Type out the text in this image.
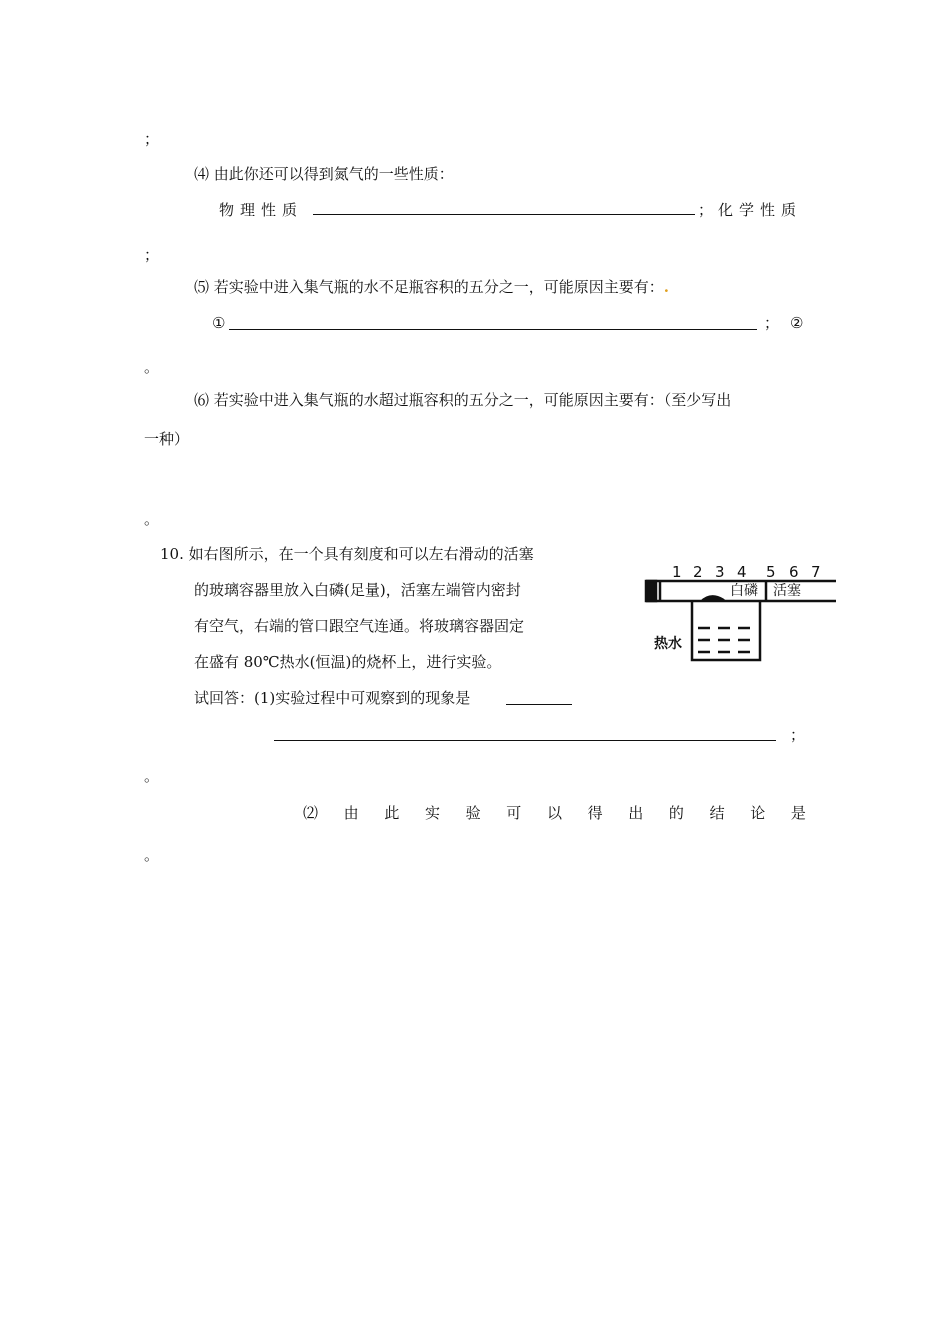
；
⑷ 由此你还可以得到氮气的一些性质：
物理性质	； 化学性质
；
⑸ 若实验中进入集气瓶的水不足瓶容积的五分之一，可能原因主要有：.
①	； ②
。
⑹ 若实验中进入集气瓶的水超过瓶容积的五分之一，可能原因主要有：（至少写出
一种）
。
10. 如右图所示，在一个具有刻度和可以左右滑动的活塞
的玻璃容器里放入白磷(足量)，活塞左端管内密封
有空气，右端的管口跟空气连通。将玻璃容器固定
在盛有 80℃热水(恒温)的烧杯上，进行实验。
试回答：(1)实验过程中可观察到的现象是
；
。
⑵ 由 此 实 验 可 以 得 出 的 结 论 是
。
1 2 3 4 5 6 7
白磷 活塞
热水
